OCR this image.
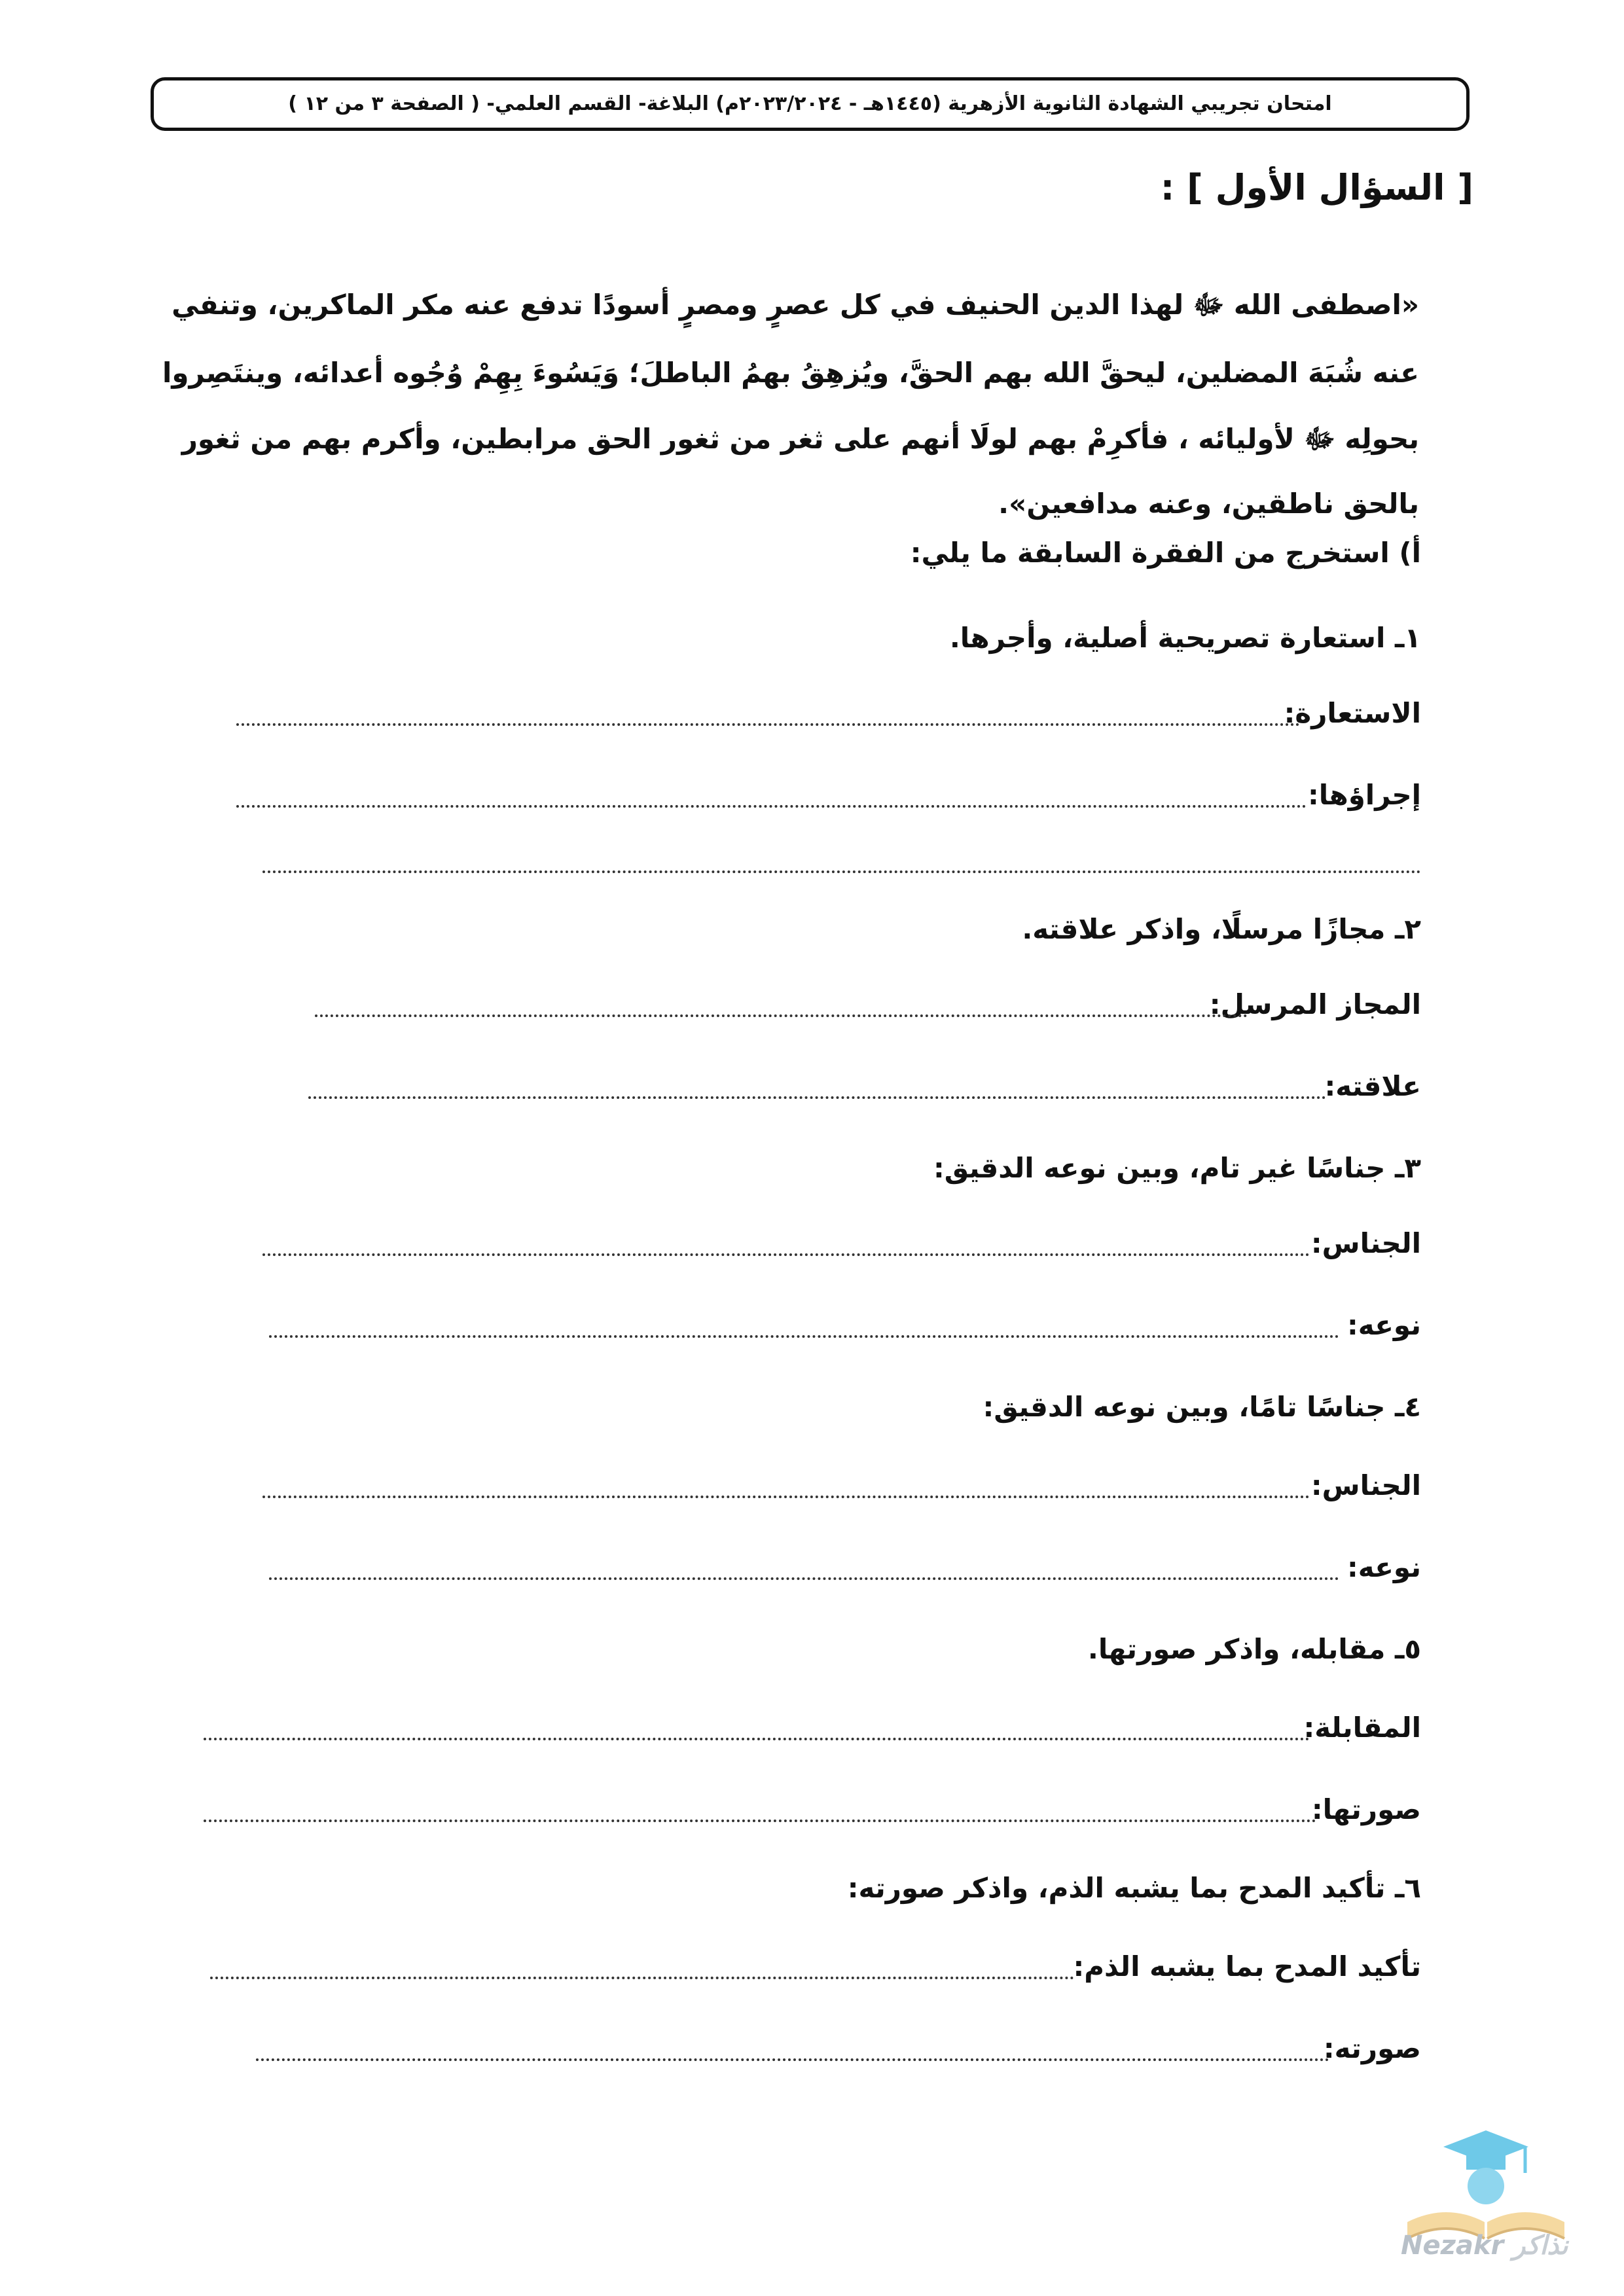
امتحان تجريبي الشهادة الثانوية الأزهرية (١٤٤٥هـ - ٢٠٢٣/٢٠٢٤م) البلاغة- القسم العلمي- ( الصفحة ٣ من ١٢ )
[ السؤال الأول ] :
«اصطفى الله ﷻ لهذا الدين الحنيف في كل عصرٍ ومصرٍ أسودًا تدفع عنه مكر الماكرين، وتنفي
عنه شُبَهَ المضلين، ليحقَّ الله بهم الحقَّ، ويُزهِقُ بهمُ الباطلَ؛ وَيَسُوءَ بِهِمْ وُجُوه أعدائه، وينتَصِروا
بحولِه ﷻ لأوليائه ، فأكرِمْ بهم لولَا أنهم على ثغر من ثغور الحق مرابطين، وأكرم بهم من ثغور
بالحق ناطقين، وعنه مدافعين».
أ) استخرج من الفقرة السابقة ما يلي:
١ـ استعارة تصريحية أصلية، وأجرها.
الاستعارة:
إجراؤها:
٢ـ مجازًا مرسلًا، واذكر علاقته.
المجاز المرسل:
علاقته:
٣ـ جناسًا غير تام، وبين نوعه الدقيق:
الجناس:
نوعه:
٤ـ جناسًا تامًا، وبين نوعه الدقيق:
الجناس:
نوعه:
٥ـ مقابله، واذكر صورتها.
المقابلة:
صورتها:
٦ـ تأكيد المدح بما يشبه الذم، واذكر صورته:
تأكيد المدح بما يشبه الذم:
صورته:
Nezakr نذاكر
